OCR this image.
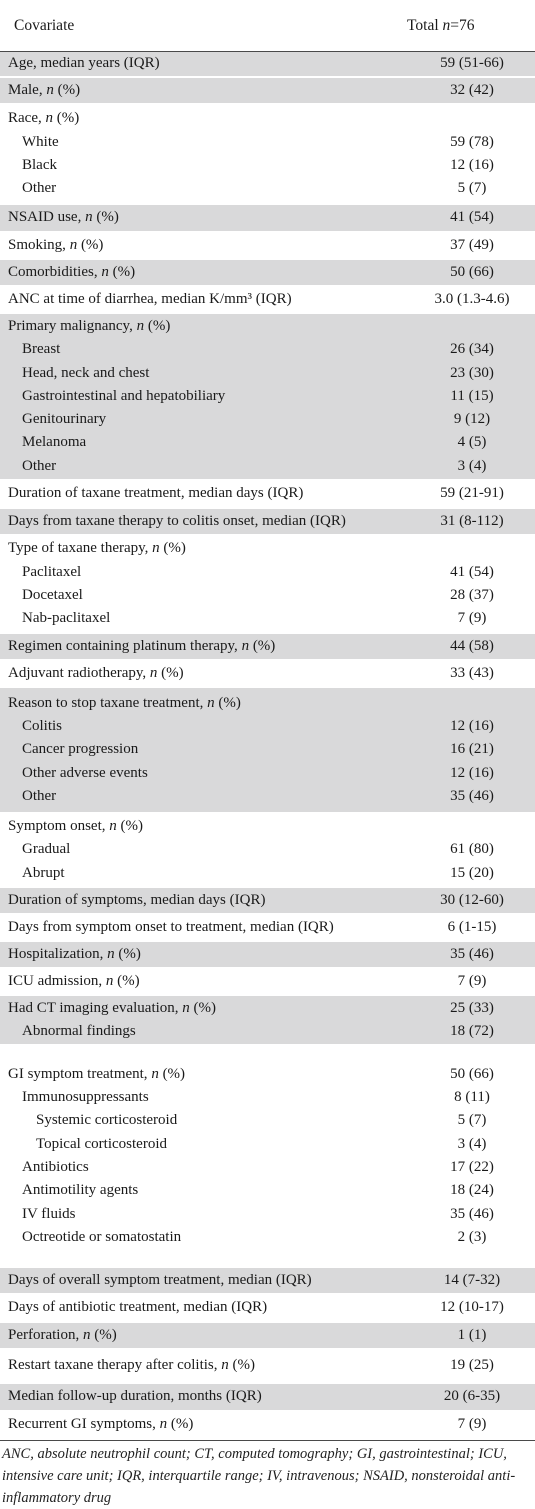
Covariate	Total n=76
Age, median years (IQR)	59 (51-66)
Male, n (%)	32 (42)
Race, n (%)
White	59 (78)
Black	12 (16)
Other	5 (7)
NSAID use, n (%)	41 (54)
Smoking, n (%)	37 (49)
Comorbidities, n (%)	50 (66)
ANC at time of diarrhea, median K/mm³ (IQR)	3.0 (1.3-4.6)
Primary malignancy, n (%)
Breast	26 (34)
Head, neck and chest	23 (30)
Gastrointestinal and hepatobiliary	11 (15)
Genitourinary	9 (12)
Melanoma	4 (5)
Other	3 (4)
Duration of taxane treatment, median days (IQR)	59 (21-91)
Days from taxane therapy to colitis onset, median (IQR)	31 (8-112)
Type of taxane therapy, n (%)
Paclitaxel	41 (54)
Docetaxel	28 (37)
Nab-paclitaxel	7 (9)
Regimen containing platinum therapy, n (%)	44 (58)
Adjuvant radiotherapy, n (%)	33 (43)
Reason to stop taxane treatment, n (%)
Colitis	12 (16)
Cancer progression	16 (21)
Other adverse events	12 (16)
Other	35 (46)
Symptom onset, n (%)
Gradual	61 (80)
Abrupt	15 (20)
Duration of symptoms, median days (IQR)	30 (12-60)
Days from symptom onset to treatment, median (IQR)	6 (1-15)
Hospitalization, n (%)	35 (46)
ICU admission, n (%)	7 (9)
Had CT imaging evaluation, n (%)	25 (33)
Abnormal findings	18 (72)
GI symptom treatment, n (%)	50 (66)
Immunosuppressants	8 (11)
Systemic corticosteroid	5 (7)
Topical corticosteroid	3 (4)
Antibiotics	17 (22)
Antimotility agents	18 (24)
IV fluids	35 (46)
Octreotide or somatostatin	2 (3)
Days of overall symptom treatment, median (IQR)	14 (7-32)
Days of antibiotic treatment, median (IQR)	12 (10-17)
Perforation, n (%)	1 (1)
Restart taxane therapy after colitis, n (%)	19 (25)
Median follow-up duration, months (IQR)	20 (6-35)
Recurrent GI symptoms, n (%)	7 (9)
ANC, absolute neutrophil count; CT, computed tomography; GI, gastrointestinal; ICU, intensive care unit; IQR, interquartile range; IV, intravenous; NSAID, nonsteroidal anti-inflammatory drug
